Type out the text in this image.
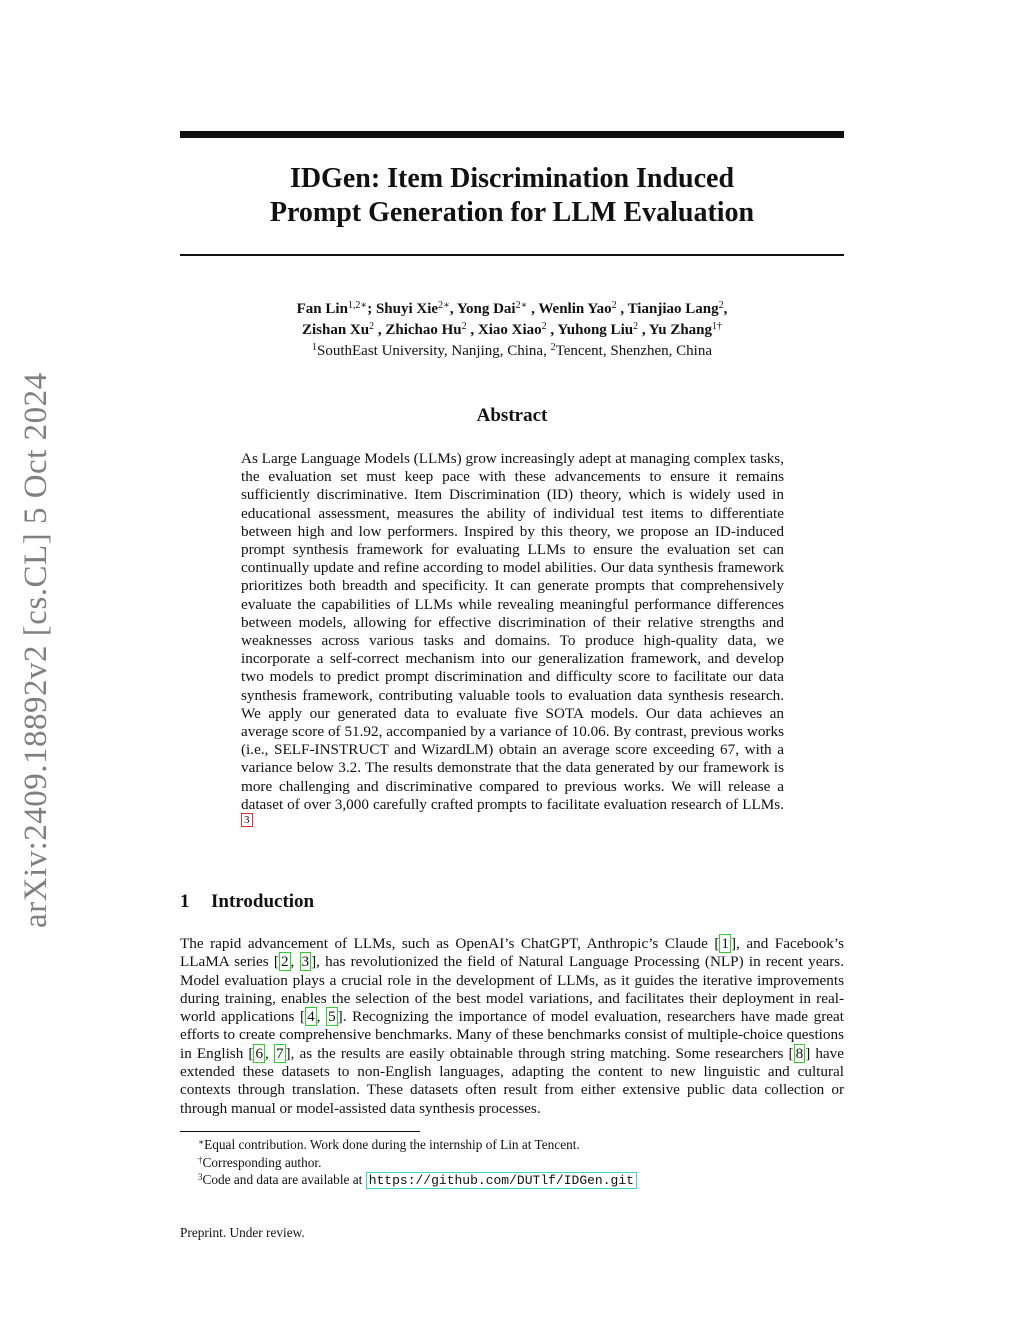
arXiv:2409.18892v2 [cs.CL] 5 Oct 2024
IDGen: Item Discrimination Induced
Prompt Generation for LLM Evaluation
Fan Lin$^{1,2∗}$; Shuyi Xie$^{2∗}$, Yong Dai$^{2∗}$ , Wenlin Yao$^2$ , Tianjiao Lang$^2$,
Zishan Xu$^2$ , Zhichao Hu$^2$ , Xiao Xiao$^2$ , Yuhong Liu$^2$ , Yu Zhang$^{1\dagger}$
$^1$SouthEast University, Nanjing, China, $^2$Tencent, Shenzhen, China
Abstract

As Large Language Models (LLMs) grow increasingly adept at managing complex tasks, the evaluation set must keep pace with these advancements to ensure it remains sufficiently discriminative. Item Discrimination (ID) theory, which is widely used in educational assessment, measures the ability of individual test items to differentiate between high and low performers. Inspired by this theory, we propose an ID-induced prompt synthesis framework for evaluating LLMs to ensure the evaluation set can continually update and refine according to model abilities. Our data synthesis framework prioritizes both breadth and specificity. It can generate prompts that comprehensively evaluate the capabilities of LLMs while revealing meaningful performance differences between models, allowing for effective discrimination of their relative strengths and weaknesses across various tasks and domains. To produce high-quality data, we incorporate a self-correct mechanism into our generalization framework, and develop two models to predict prompt discrimination and difficulty score to facilitate our data synthesis framework, contributing valuable tools to evaluation data synthesis research. We apply our generated data to evaluate five SOTA models. Our data achieves an average score of 51.92, accompanied by a variance of 10.06. By contrast, previous works (i.e., SELF-INSTRUCT and WizardLM) obtain an average score exceeding 67, with a variance below 3.2. The results demonstrate that the data generated by our framework is more challenging and discriminative compared to previous works. We will release a dataset of over 3,000 carefully crafted prompts to facilitate evaluation research of LLMs. $^3$

1 Introduction

The rapid advancement of LLMs, such as OpenAI’s ChatGPT, Anthropic’s Claude [ 1 ], and Facebook’s LLaMA series [ 2 , 3 ], has revolutionized the field of Natural Language Processing (NLP) in recent years. Model evaluation plays a crucial role in the development of LLMs, as it guides the iterative improvements during training, enables the selection of the best model variations, and facilitates their deployment in real-world applications [ 4 , 5 ]. Recognizing the importance of model evaluation, researchers have made great efforts to create comprehensive benchmarks. Many of these benchmarks consist of multiple-choice questions in English [ 6 , 7 ], as the results are easily obtainable through string matching. Some researchers [ 8 ] have extended these datasets to non-English languages, adapting the content to new linguistic and cultural contexts through translation. These datasets often result from either extensive public data collection or through manual or model-assisted data synthesis processes.

∗Equal contribution. Work done during the internship of Lin at Tencent.
†Corresponding author.
$^3$Code and data are available at https://github.com/DUTlf/IDGen.git
Preprint. Under review.
